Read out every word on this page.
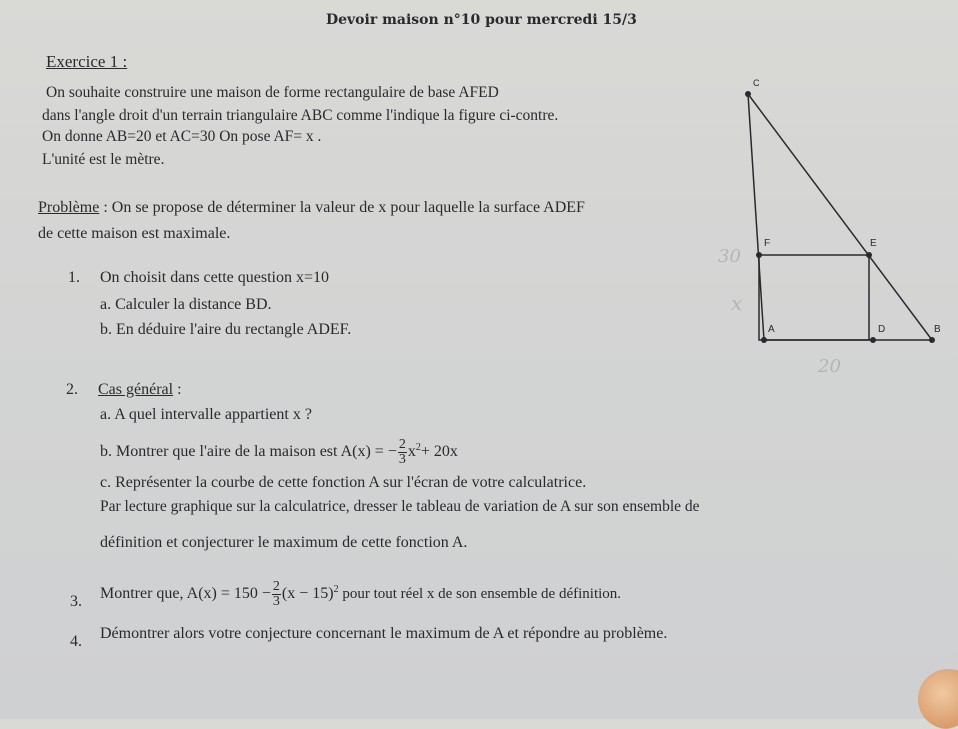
Devoir maison n°10 pour mercredi 15/3
Exercice 1 :
On souhaite construire une maison de forme rectangulaire de base AFED
dans l'angle droit d'un terrain triangulaire ABC comme l'indique la figure ci-contre.
On donne AB=20 et AC=30 On pose AF= x .
L'unité est le mètre.
Problème : On se propose de déterminer la valeur de x pour laquelle la surface ADEF
de cette maison est maximale.
1. On choisit dans cette question x=10
a. Calculer la distance BD.
b. En déduire l'aire du rectangle ADEF.
2. Cas général :
a. A quel intervalle appartient x ?
b. Montrer que l'aire de la maison est A(x) = − $\frac{2}{3} x^2+ 20x$
c. Représenter la courbe de cette fonction A sur l'écran de votre calculatrice.
Par lecture graphique sur la calculatrice, dresser le tableau de variation de A sur son ensemble de
définition et conjecturer le maximum de cette fonction A.
3. Montrer que, $A(x) = 150 - \frac{2}{3} (x - 15)^2$ pour tout réel x de son ensemble de définition.
4. Démontrer alors votre conjecture concernant le maximum de A et répondre au problème.
C
F	E
A	D	B
30
x
20
